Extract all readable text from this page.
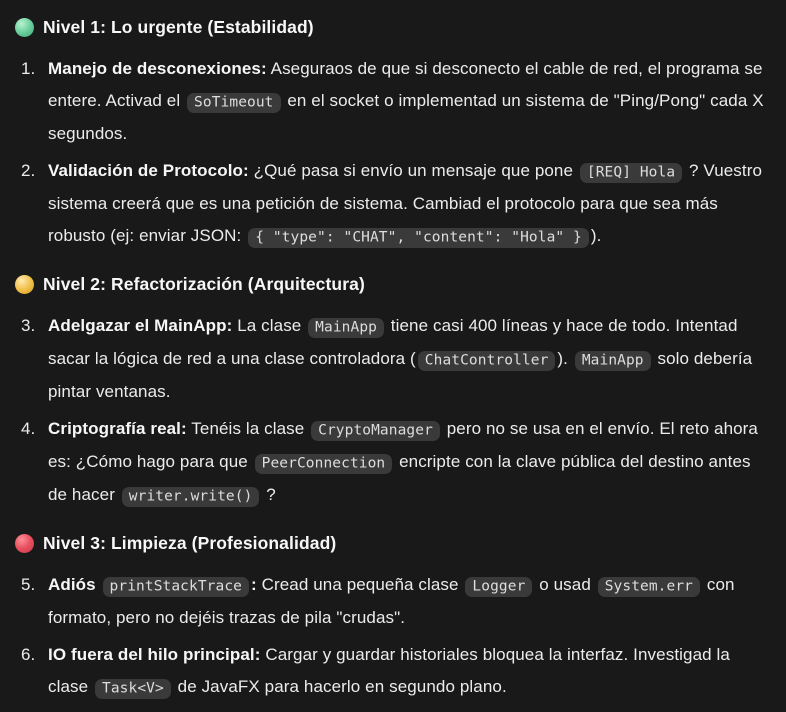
Nivel 1: Lo urgente (Estabilidad)
1. Manejo de desconexiones: Aseguraos de que si desconecto el cable de red, el programa se entere. Activad el SoTimeout en el socket o implementad un sistema de "Ping/Pong" cada X segundos.
2. Validación de Protocolo: ¿Qué pasa si envío un mensaje que pone [REQ] Hola ? Vuestro sistema creerá que es una petición de sistema. Cambiad el protocolo para que sea más robusto (ej: enviar JSON: { "type": "CHAT", "content": "Hola" } ).
Nivel 2: Refactorización (Arquitectura)
3. Adelgazar el MainApp: La clase MainApp tiene casi 400 líneas y hace de todo. Intentad sacar la lógica de red a una clase controladora ( ChatController ). MainApp solo debería pintar ventanas.
4. Criptografía real: Tenéis la clase CryptoManager pero no se usa en el envío. El reto ahora es: ¿Cómo hago para que PeerConnection encripte con la clave pública del destino antes de hacer writer.write() ?
Nivel 3: Limpieza (Profesionalidad)
5. Adiós printStackTrace : Cread una pequeña clase Logger o usad System.err con formato, pero no dejéis trazas de pila "crudas".
6. IO fuera del hilo principal: Cargar y guardar historiales bloquea la interfaz. Investigad la clase Task<V> de JavaFX para hacerlo en segundo plano.
